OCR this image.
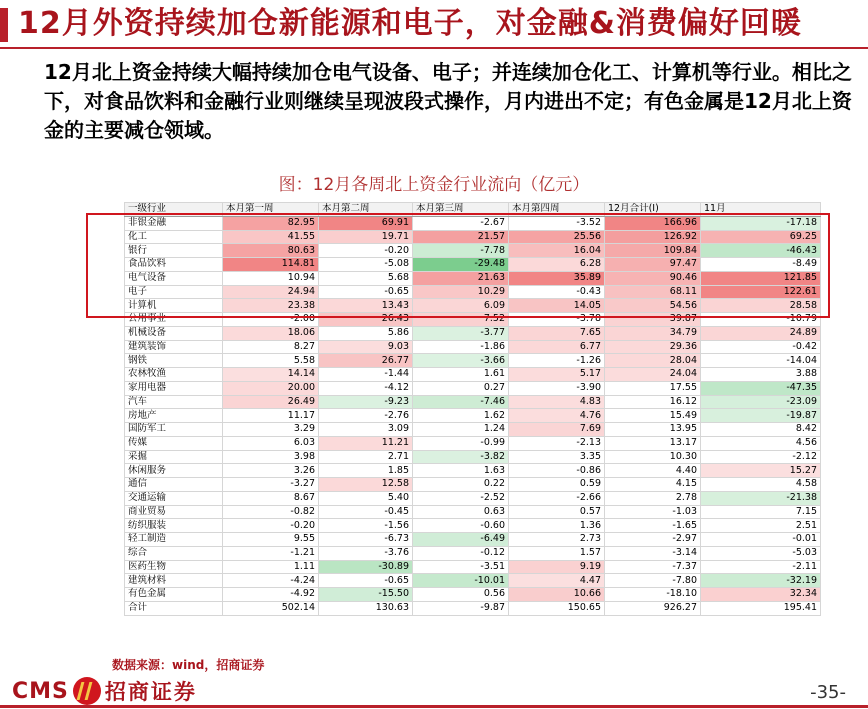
12月外资持续加仓新能源和电子，对金融&消费偏好回暖
12月北上资金持续大幅持续加仓电气设备、电子；并连续加仓化工、计算机等行业。相比之下，对食品饮料和金融行业则继续呈现波段式操作，月内进出不定；有色金属是12月北上资金的主要减仓领域。
图：12月各周北上资金行业流向（亿元）
一级行业	本月第一周	本月第二周	本月第三周	本月第四周	12月合计(I)	11月
非银金融	82.95	69.91	-2.67	-3.52	166.96	-17.18
化工	41.55	19.71	21.57	25.56	126.92	69.25
银行	80.63	-0.20	-7.78	16.04	109.84	-46.43
食品饮料	114.81	-5.08	-29.48	6.28	97.47	-8.49
电气设备	10.94	5.68	21.63	35.89	90.46	121.85
电子	24.94	-0.65	10.29	-0.43	68.11	122.61
计算机	23.38	13.43	6.09	14.05	54.56	28.58
公用事业	-2.00	26.43	7.52	-3.78	39.87	-10.79
机械设备	18.06	5.86	-3.77	7.65	34.79	24.89
建筑装饰	8.27	9.03	-1.86	6.77	29.36	-0.42
钢铁	5.58	26.77	-3.66	-1.26	28.04	-14.04
农林牧渔	14.14	-1.44	1.61	5.17	24.04	3.88
家用电器	20.00	-4.12	0.27	-3.90	17.55	-47.35
汽车	26.49	-9.23	-7.46	4.83	16.12	-23.09
房地产	11.17	-2.76	1.62	4.76	15.49	-19.87
国防军工	3.29	3.09	1.24	7.69	13.95	8.42
传媒	6.03	11.21	-0.99	-2.13	13.17	4.56
采掘	3.98	2.71	-3.82	3.35	10.30	-2.12
休闲服务	3.26	1.85	1.63	-0.86	4.40	15.27
通信	-3.27	12.58	0.22	0.59	4.15	4.58
交通运输	8.67	5.40	-2.52	-2.66	2.78	-21.38
商业贸易	-0.82	-0.45	0.63	0.57	-1.03	7.15
纺织服装	-0.20	-1.56	-0.60	1.36	-1.65	2.51
轻工制造	9.55	-6.73	-6.49	2.73	-2.97	-0.01
综合	-1.21	-3.76	-0.12	1.57	-3.14	-5.03
医药生物	1.11	-30.89	-3.51	9.19	-7.37	-2.11
建筑材料	-4.24	-0.65	-10.01	4.47	-7.80	-32.19
有色金属	-4.92	-15.50	0.56	10.66	-18.10	32.34
合计	502.14	130.63	-9.87	150.65	926.27	195.41
数据来源：wind，招商证券
CMS 招商证券	-35-
